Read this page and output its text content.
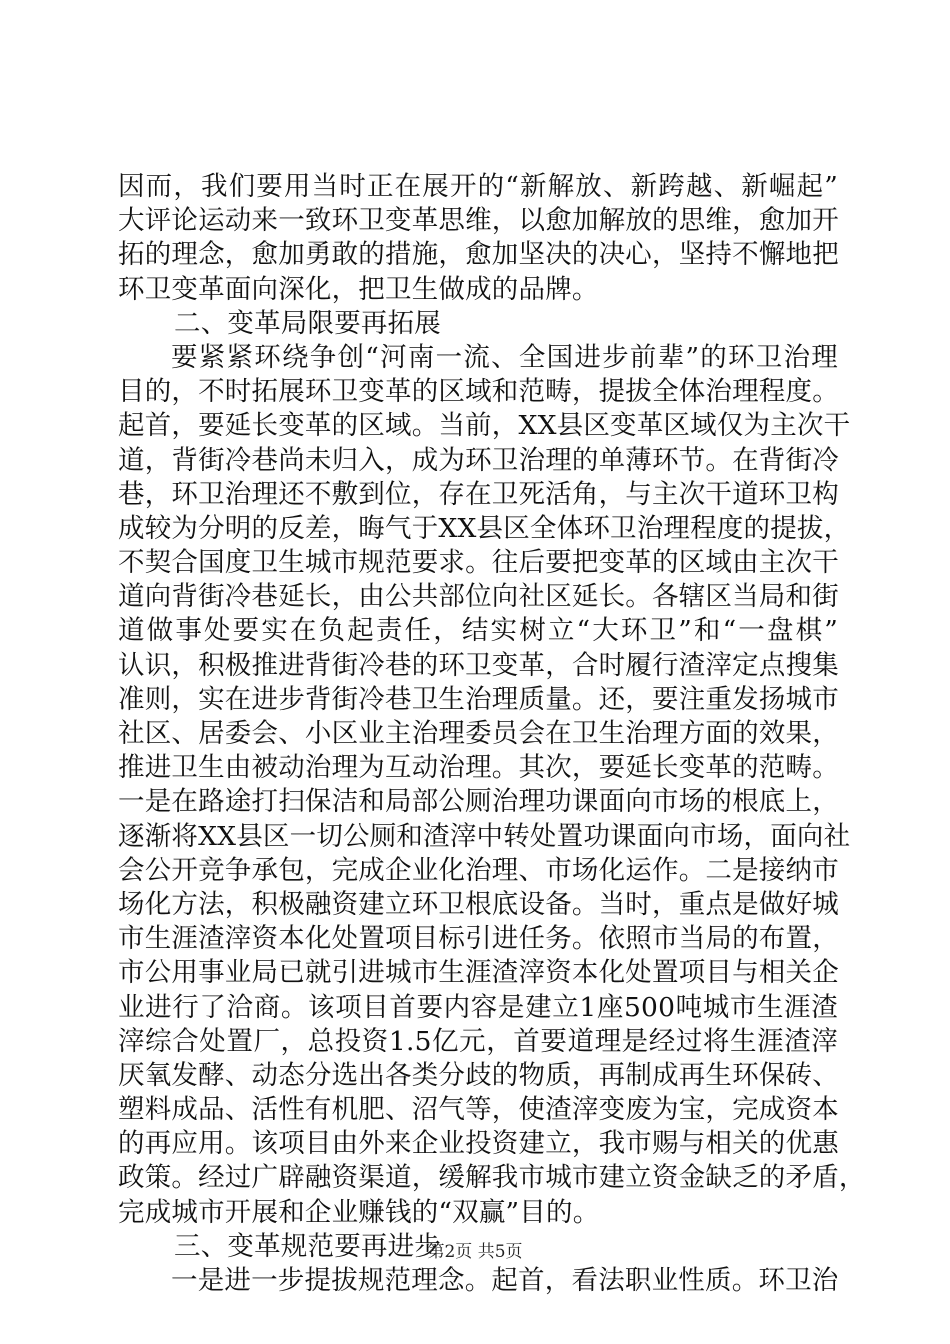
因而，我们要用当时正在展开的“新解放、新跨越、新崛起”
大评论运动来一致环卫变革思维，以愈加解放的思维，愈加开
拓的理念，愈加勇敢的措施，愈加坚决的决心，坚持不懈地把
环卫变革面向深化，把卫生做成的品牌。
二、变革局限要再拓展
要紧紧环绕争创“河南一流、全国进步前辈”的环卫治理
目的，不时拓展环卫变革的区域和范畴，提拔全体治理程度。
起首，要延长变革的区域。当前，XX县区变革区域仅为主次干
道，背街冷巷尚未归入，成为环卫治理的单薄环节。在背街冷
巷，环卫治理还不敷到位，存在卫死活角，与主次干道环卫构
成较为分明的反差，晦气于XX县区全体环卫治理程度的提拔，
不契合国度卫生城市规范要求。往后要把变革的区域由主次干
道向背街冷巷延长，由公共部位向社区延长。各辖区当局和街
道做事处要实在负起责任，结实树立“大环卫”和“一盘棋”
认识，积极推进背街冷巷的环卫变革，合时履行渣滓定点搜集
准则，实在进步背街冷巷卫生治理质量。还，要注重发扬城市
社区、居委会、小区业主治理委员会在卫生治理方面的效果，
推进卫生由被动治理为互动治理。其次，要延长变革的范畴。
一是在路途打扫保洁和局部公厕治理功课面向市场的根底上，
逐渐将XX县区一切公厕和渣滓中转处置功课面向市场，面向社
会公开竞争承包，完成企业化治理、市场化运作。二是接纳市
场化方法，积极融资建立环卫根底设备。当时，重点是做好城
市生涯渣滓资本化处置项目标引进任务。依照市当局的布置，
市公用事业局已就引进城市生涯渣滓资本化处置项目与相关企
业进行了洽商。该项目首要内容是建立1座500吨城市生涯渣
滓综合处置厂，总投资1.5亿元，首要道理是经过将生涯渣滓
厌氧发酵、动态分选出各类分歧的物质，再制成再生环保砖、
塑料成品、活性有机肥、沼气等，使渣滓变废为宝，完成资本
的再应用。该项目由外来企业投资建立，我市赐与相关的优惠
政策。经过广辟融资渠道，缓解我市城市建立资金缺乏的矛盾，
完成城市开展和企业赚钱的“双赢”目的。
三、变革规范要再进步
一是进一步提拔规范理念。起首，看法职业性质。环卫治
第2页 共5页
